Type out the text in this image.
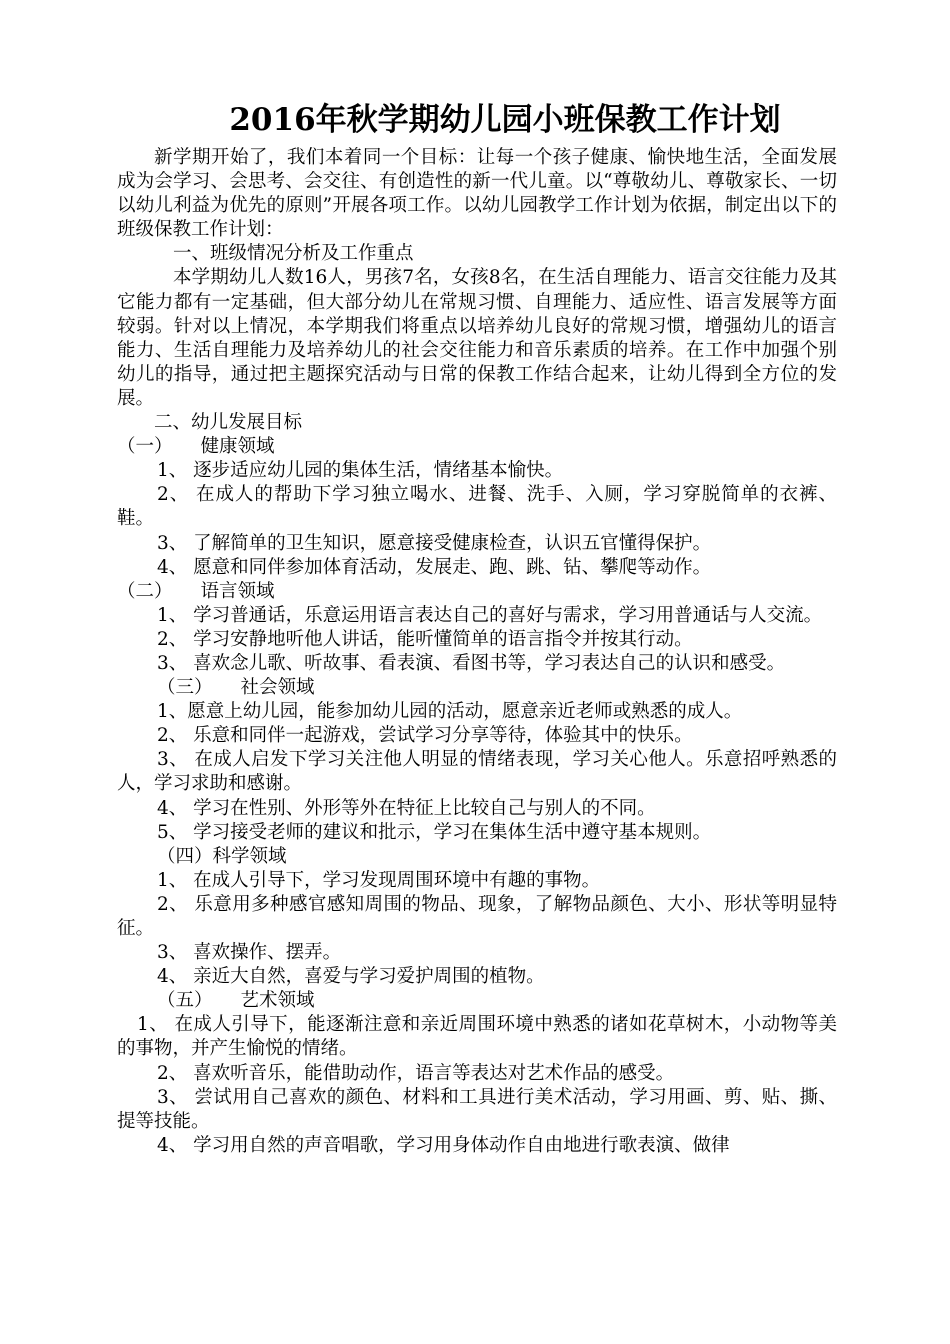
2016年秋学期幼儿园小班保教工作计划

新学期开始了，我们本着同一个目标：让每一个孩子健康、愉快地生活，全面发展成为会学习、会思考、会交往、有创造性的新一代儿童。以“尊敬幼儿、尊敬家长、一切以幼儿利益为优先的原则”开展各项工作。以幼儿园教学工作计划为依据，制定出以下的班级保教工作计划：

一、班级情况分析及工作重点

本学期幼儿人数16人，男孩7名，女孩8名，在生活自理能力、语言交往能力及其它能力都有一定基础，但大部分幼儿在常规习惯、自理能力、适应性、语言发展等方面较弱。针对以上情况，本学期我们将重点以培养幼儿良好的常规习惯，增强幼儿的语言能力、生活自理能力及培养幼儿的社会交往能力和音乐素质的培养。在工作中加强个别幼儿的指导，通过把主题探究活动与日常的保教工作结合起来，让幼儿得到全方位的发展。

二、幼儿发展目标

（一） 健康领域

1、 逐步适应幼儿园的集体生活，情绪基本愉快。

2、 在成人的帮助下学习独立喝水、进餐、洗手、入厕，学习穿脱简单的衣裤、鞋。

3、 了解简单的卫生知识，愿意接受健康检查，认识五官懂得保护。

4、 愿意和同伴参加体育活动，发展走、跑、跳、钻、攀爬等动作。

（二） 语言领域

1、 学习普通话，乐意运用语言表达自己的喜好与需求，学习用普通话与人交流。

2、 学习安静地听他人讲话，能听懂简单的语言指令并按其行动。

3、 喜欢念儿歌、听故事、看表演、看图书等，学习表达自己的认识和感受。

（三） 社会领域

1、愿意上幼儿园，能参加幼儿园的活动，愿意亲近老师或熟悉的成人。

2、 乐意和同伴一起游戏，尝试学习分享等待，体验其中的快乐。

3、 在成人启发下学习关注他人明显的情绪表现，学习关心他人。乐意招呼熟悉的人，学习求助和感谢。

4、 学习在性别、外形等外在特征上比较自己与别人的不同。

5、 学习接受老师的建议和批示，学习在集体生活中遵守基本规则。

（四）科学领域

1、 在成人引导下，学习发现周围环境中有趣的事物。

2、 乐意用多种感官感知周围的物品、现象，了解物品颜色、大小、形状等明显特征。

3、 喜欢操作、摆弄。

4、 亲近大自然，喜爱与学习爱护周围的植物。

（五） 艺术领域

1、 在成人引导下，能逐渐注意和亲近周围环境中熟悉的诸如花草树木，小动物等美的事物，并产生愉悦的情绪。

2、 喜欢听音乐，能借助动作，语言等表达对艺术作品的感受。

3、 尝试用自己喜欢的颜色、材料和工具进行美术活动，学习用画、剪、贴、撕、提等技能。

4、 学习用自然的声音唱歌，学习用身体动作自由地进行歌表演、做律
